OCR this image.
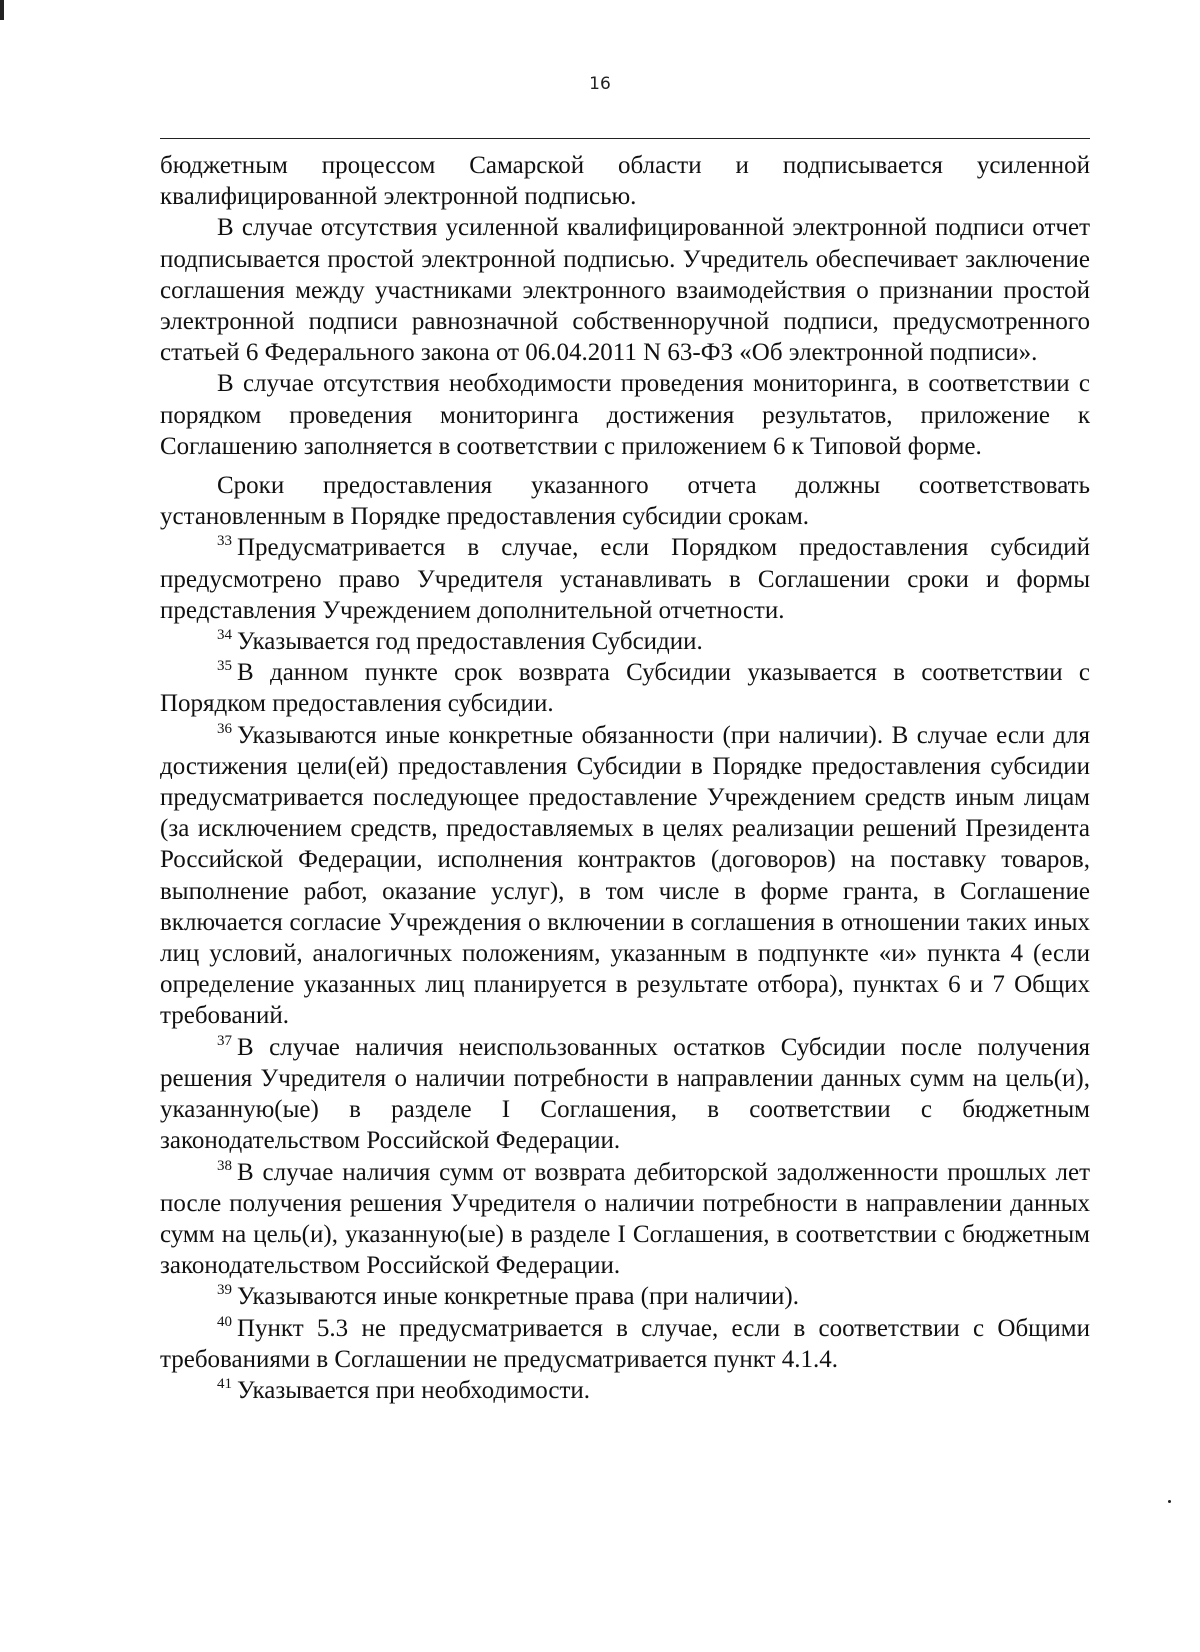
16

бюджетным процессом Самарской области и подписывается усиленной квалифицированной электронной подписью.

В случае отсутствия усиленной квалифицированной электронной подписи отчет подписывается простой электронной подписью. Учредитель обеспечивает заключение соглашения между участниками электронного взаимодействия о признании простой электронной подписи равнозначной собственноручной подписи, предусмотренного статьей 6 Федерального закона от 06.04.2011 N 63-ФЗ «Об электронной подписи».

В случае отсутствия необходимости проведения мониторинга, в соответствии с порядком проведения мониторинга достижения результатов, приложение к Соглашению заполняется в соответствии с приложением 6 к Типовой форме.

Сроки предоставления указанного отчета должны соответствовать установленным в Порядке предоставления субсидии срокам.

$^{33}$ Предусматривается в случае, если Порядком предоставления субсидий предусмотрено право Учредителя устанавливать в Соглашении сроки и формы представления Учреждением дополнительной отчетности.

$^{34}$ Указывается год предоставления Субсидии.

$^{35}$ В данном пункте срок возврата Субсидии указывается в соответствии с Порядком предоставления субсидии.

$^{36}$ Указываются иные конкретные обязанности (при наличии). В случае если для достижения цели(ей) предоставления Субсидии в Порядке предоставления субсидии предусматривается последующее предоставление Учреждением средств иным лицам (за исключением средств, предоставляемых в целях реализации решений Президента Российской Федерации, исполнения контрактов (договоров) на поставку товаров, выполнение работ, оказание услуг), в том числе в форме гранта, в Соглашение включается согласие Учреждения о включении в соглашения в отношении таких иных лиц условий, аналогичных положениям, указанным в подпункте «и» пункта 4 (если определение указанных лиц планируется в результате отбора), пунктах 6 и 7 Общих требований.

$^{37}$ В случае наличия неиспользованных остатков Субсидии после получения решения Учредителя о наличии потребности в направлении данных сумм на цель(и), указанную(ые) в разделе I Соглашения, в соответствии с бюджетным законодательством Российской Федерации.

$^{38}$ В случае наличия сумм от возврата дебиторской задолженности прошлых лет после получения решения Учредителя о наличии потребности в направлении данных сумм на цель(и), указанную(ые) в разделе I Соглашения, в соответствии с бюджетным законодательством Российской Федерации.

$^{39}$ Указываются иные конкретные права (при наличии).

$^{40}$ Пункт 5.3 не предусматривается в случае, если в соответствии с Общими требованиями в Соглашении не предусматривается пункт 4.1.4.

$^{41}$ Указывается при необходимости.
